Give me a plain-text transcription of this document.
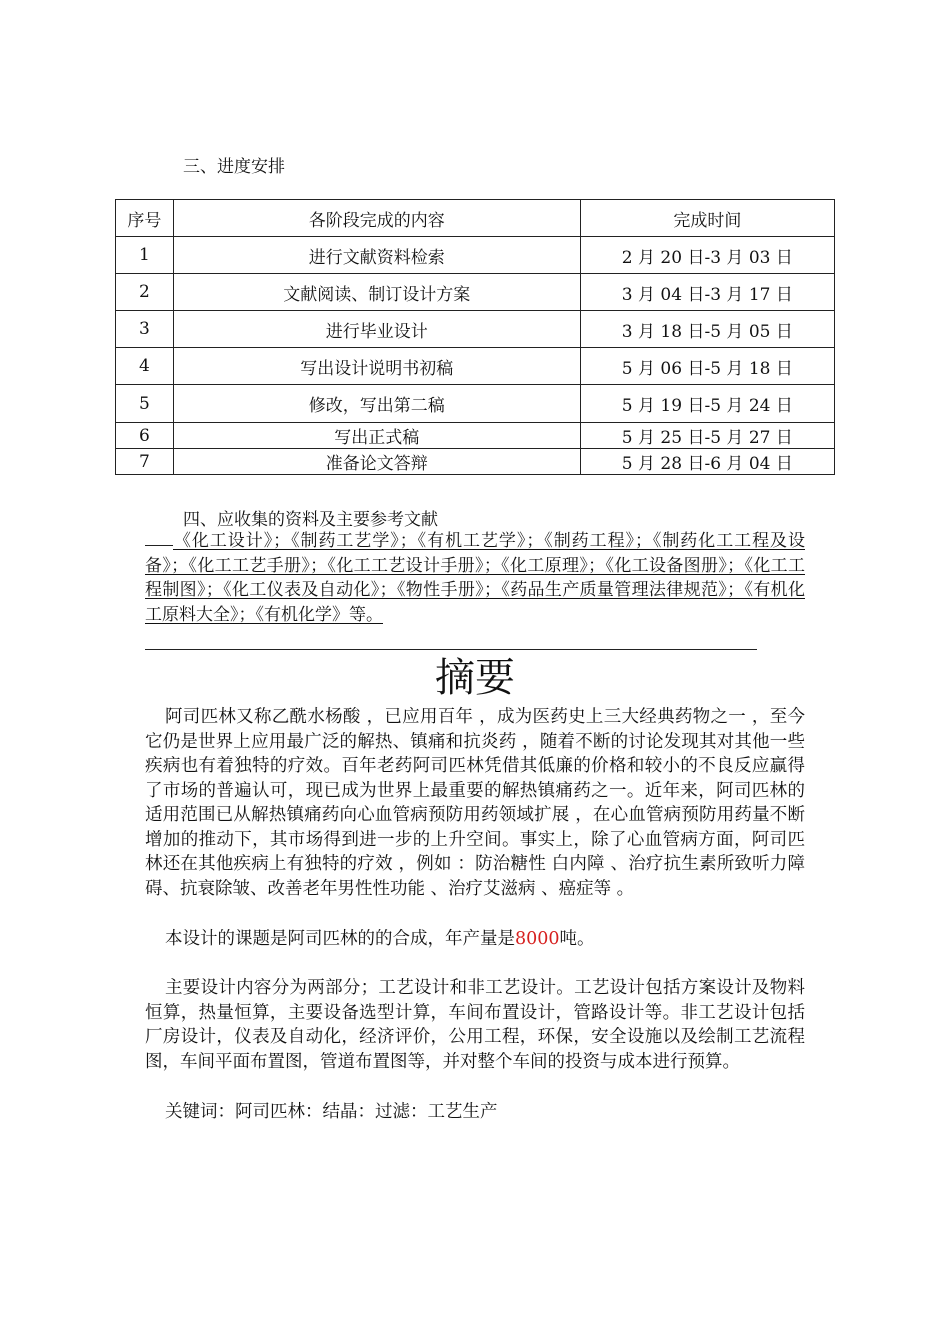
三、进度安排
序号	各阶段完成的内容	完成时间
1	进行文献资料检索	2 月 20 日-3 月 03 日
2	文献阅读、制订设计方案	3 月 04 日-3 月 17 日
3	进行毕业设计	3 月 18 日-5 月 05 日
4	写出设计说明书初稿	5 月 06 日-5 月 18 日
5	修改，写出第二稿	5 月 19 日-5 月 24 日
6	写出正式稿	5 月 25 日-5 月 27 日
7	准备论文答辩	5 月 28 日-6 月 04 日
四、应收集的资料及主要参考文献
《化工设计》；《制药工艺学》；《有机工艺学》；《制药工程》；《制药化工工程及设备》；《化工工艺手册》；《化工工艺设计手册》；《化工原理》；《化工设备图册》；《化工工程制图》；《化工仪表及自动化》；《物性手册》；《药品生产质量管理法律规范》；《有机化工原料大全》；《有机化学》等。
摘要
阿司匹林又称乙酰水杨酸 ，已应用百年 ，成为医药史上三大经典药物之一 ，至今它仍是世界上应用最广泛的解热、镇痛和抗炎药 ，随着不断的讨论发现其对其他一些疾病也有着独特的疗效。百年老药阿司匹林凭借其低廉的价格和较小的不良反应赢得了市场的普遍认可，现已成为世界上最重要的解热镇痛药之一。近年来，阿司匹林的适用范围已从解热镇痛药向心血管病预防用药领域扩展 ，在心血管病预防用药量不断增加的推动下，其市场得到进一步的上升空间。事实上，除了心血管病方面，阿司匹林还在其他疾病上有独特的疗效 ，例如 ：防治糖性 白内障 、治疗抗生素所致听力障碍、抗衰除皱、改善老年男性性功能 、治疗艾滋病 、癌症等 。
本设计的课题是阿司匹林的的合成，年产量是8000吨。
主要设计内容分为两部分；工艺设计和非工艺设计。工艺设计包括方案设计及物料恒算，热量恒算，主要设备选型计算，车间布置设计，管路设计等。非工艺设计包括厂房设计，仪表及自动化，经济评价，公用工程，环保，安全设施以及绘制工艺流程图，车间平面布置图，管道布置图等，并对整个车间的投资与成本进行预算。
关键词：阿司匹林：结晶：过滤：工艺生产
